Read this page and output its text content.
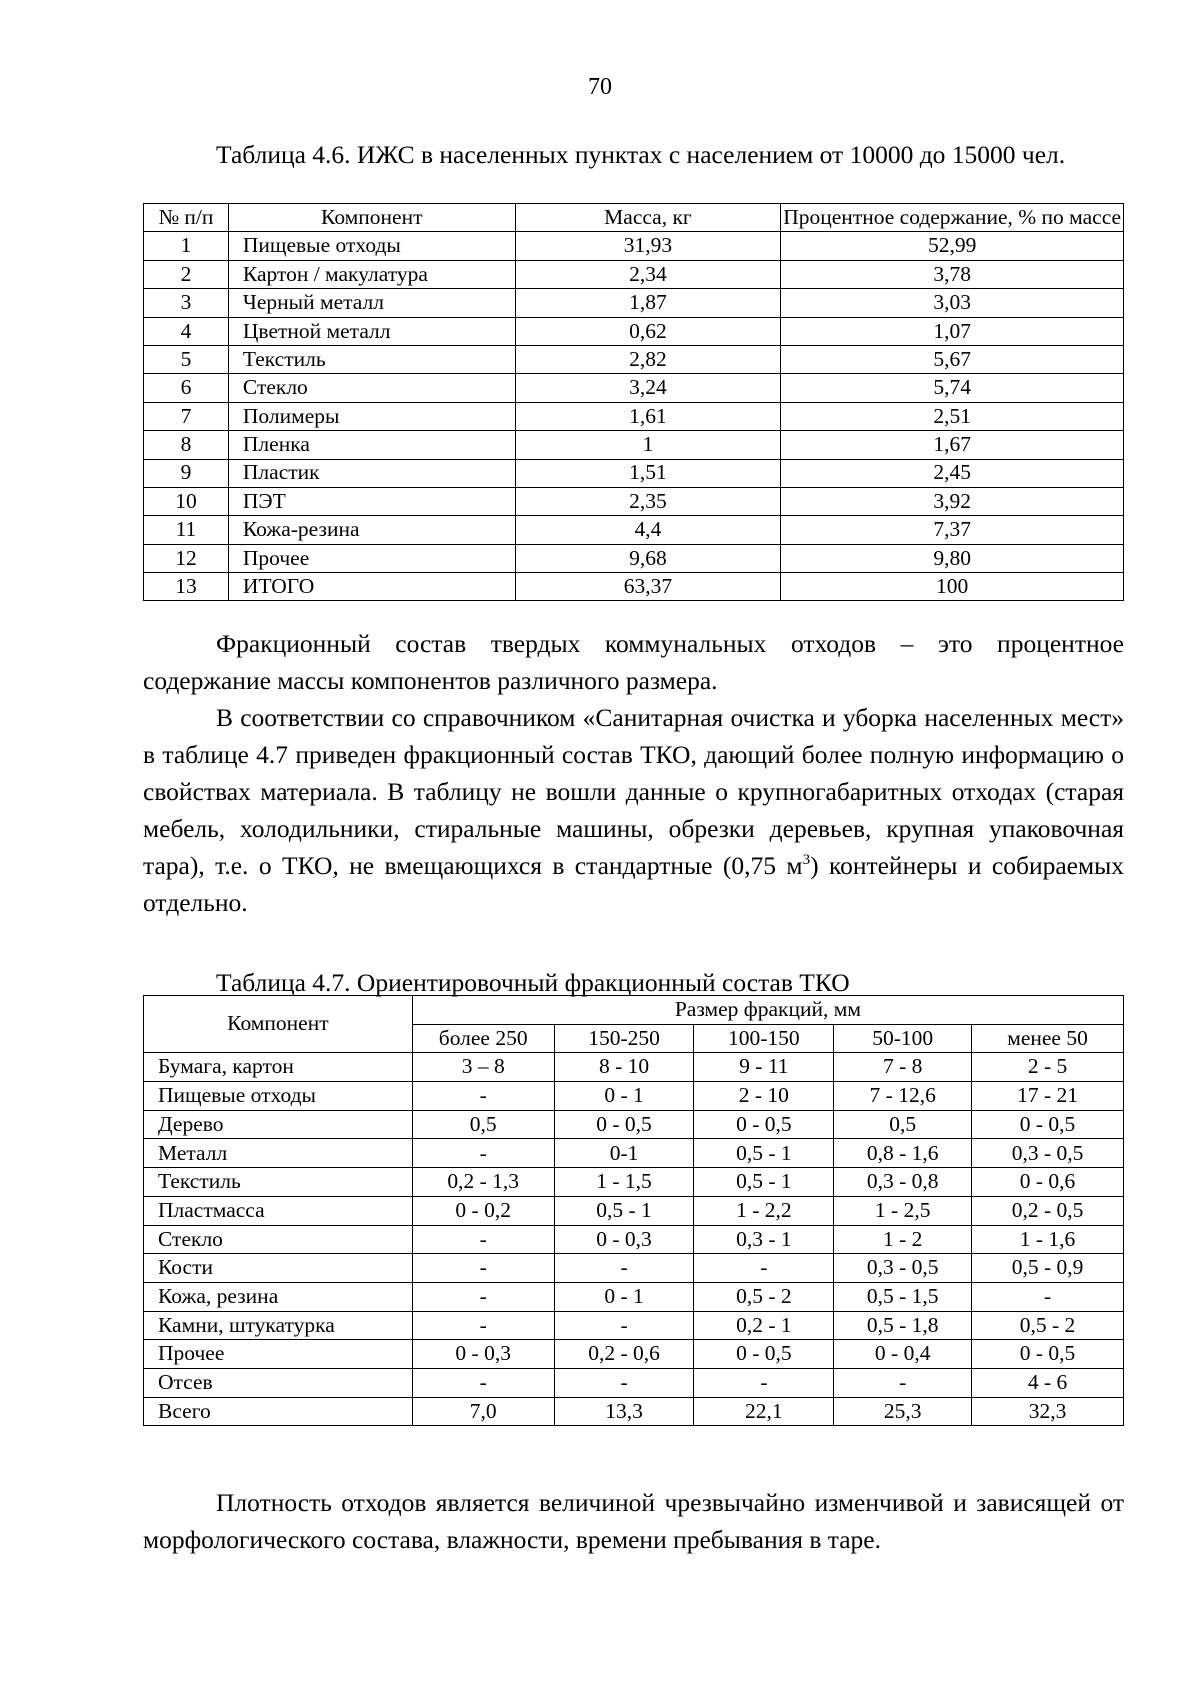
70
Таблица 4.6. ИЖС в населенных пунктах с населением от 10000 до 15000 чел.
№ п/п	Компонент	Масса, кг	Процентное содержание, % по массе
1	Пищевые отходы	31,93	52,99
2	Картон / макулатура	2,34	3,78
3	Черный металл	1,87	3,03
4	Цветной металл	0,62	1,07
5	Текстиль	2,82	5,67
6	Стекло	3,24	5,74
7	Полимеры	1,61	2,51
8	Пленка	1	1,67
9	Пластик	1,51	2,45
10	ПЭТ	2,35	3,92
11	Кожа-резина	4,4	7,37
12	Прочее	9,68	9,80
13	ИТОГО	63,37	100

Фракционный состав твердых коммунальных отходов – это процентное содержание массы компонентов различного размера.

В соответствии со справочником «Санитарная очистка и уборка населенных мест» в таблице 4.7 приведен фракционный состав ТКО, дающий более полную информацию о свойствах материала. В таблицу не вошли данные о крупногабаритных отходах (старая мебель, холодильники, стиральные машины, обрезки деревьев, крупная упаковочная тара), т.е. о ТКО, не вмещающихся в стандартные (0,75 $м^3$) контейнеры и собираемых отдельно.

Таблица 4.7. Ориентировочный фракционный состав ТКО
Компонент	Размер фракций, мм				
	более 250	150-250	100-150	50-100	менее 50
Бумага, картон	3 – 8	8 - 10	9 - 11	7 - 8	2 - 5
Пищевые отходы	-	0 - 1	2 - 10	7 - 12,6	17 - 21
Дерево	0,5	0 - 0,5	0 - 0,5	0,5	0 - 0,5
Металл	-	0-1	0,5 - 1	0,8 - 1,6	0,3 - 0,5
Текстиль	0,2 - 1,3	1 - 1,5	0,5 - 1	0,3 - 0,8	0 - 0,6
Пластмасса	0 - 0,2	0,5 - 1	1 - 2,2	1 - 2,5	0,2 - 0,5
Стекло	-	0 - 0,3	0,3 - 1	1 - 2	1 - 1,6
Кости	-	-	-	0,3 - 0,5	0,5 - 0,9
Кожа, резина	-	0 - 1	0,5 - 2	0,5 - 1,5	-
Камни, штукатурка	-	-	0,2 - 1	0,5 - 1,8	0,5 - 2
Прочее	0 - 0,3	0,2 - 0,6	0 - 0,5	0 - 0,4	0 - 0,5
Отсев	-	-	-	-	4 - 6
Всего	7,0	13,3	22,1	25,3	32,3

Плотность отходов является величиной чрезвычайно изменчивой и зависящей от морфологического состава, влажности, времени пребывания в таре.
